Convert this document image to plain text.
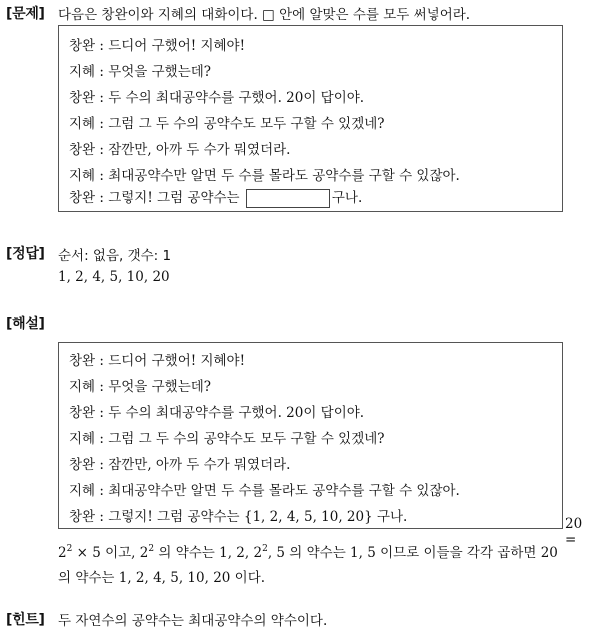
[문제] 다음은 창완이와 지혜의 대화이다. □ 안에 알맞은 수를 모두 써넣어라.
창완 : 드디어 구했어! 지혜야!
지혜 : 무엇을 구했는데?
창완 : 두 수의 최대공약수를 구했어. 20이 답이야.
지혜 : 그럼 그 두 수의 공약수도 모두 구할 수 있겠네?
창완 : 잠깐만, 아까 두 수가 뭐였더라.
지혜 : 최대공약수만 알면 두 수를 몰라도 공약수를 구할 수 있잖아.
창완 : 그렇지! 그럼 공약수는	구나.
[정답] 순서: 없음, 갯수: 1
1, 2, 4, 5, 10, 20
[해설]
창완 : 드디어 구했어! 지혜야!
지혜 : 무엇을 구했는데?
창완 : 두 수의 최대공약수를 구했어. 20이 답이야.
지혜 : 그럼 그 두 수의 공약수도 모두 구할 수 있겠네?
창완 : 잠깐만, 아까 두 수가 뭐였더라.
지혜 : 최대공약수만 알면 두 수를 몰라도 공약수를 구할 수 있잖아.
창완 : 그렇지! 그럼 공약수는 {1, 2, 4, 5, 10, 20} 구나.	20 =
$2^2 \times 5$ 이고, $2^2$ 의 약수는 1, 2, $2^2$, 5 의 약수는 1, 5 이므로 이들을 각각 곱하면 20
의 약수는 1, 2, 4, 5, 10, 20 이다.
[힌트] 두 자연수의 공약수는 최대공약수의 약수이다.
